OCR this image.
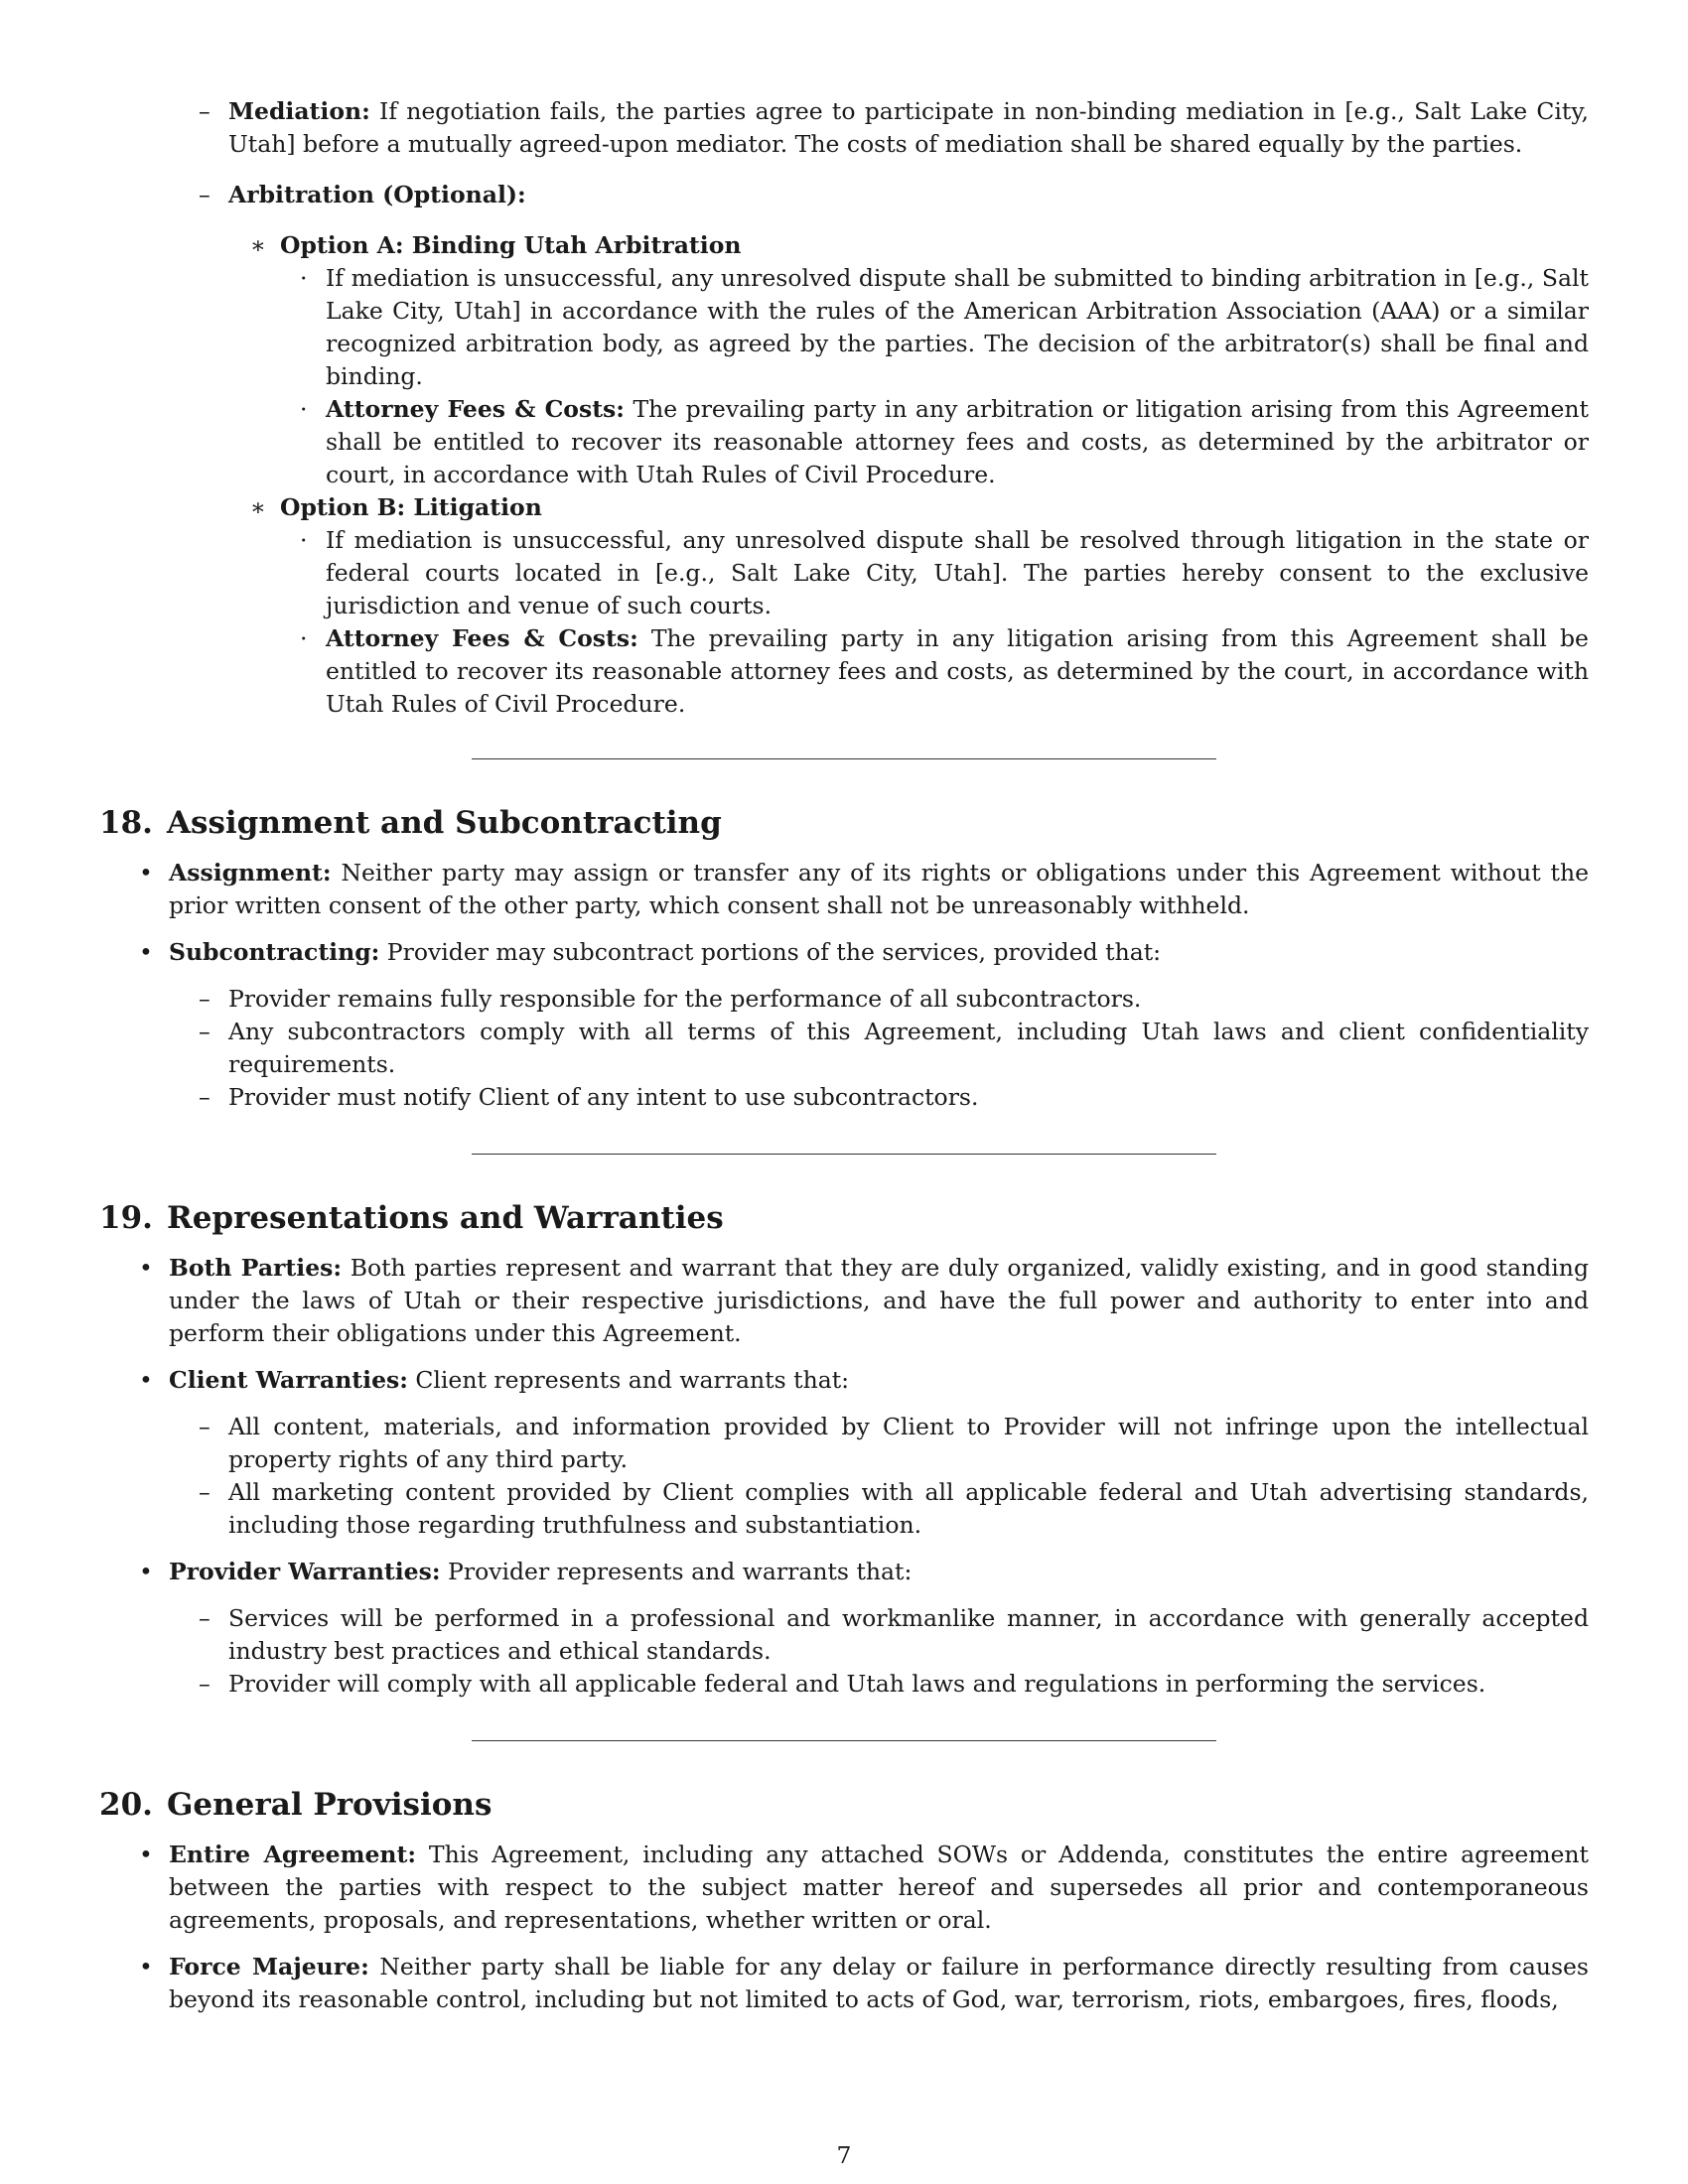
– Mediation: If negotiation fails, the parties agree to participate in non-binding mediation in [e.g., Salt Lake City, Utah] before a mutually agreed-upon mediator. The costs of mediation shall be shared equally by the parties.

– Arbitration (Optional):

∗ Option A: Binding Utah Arbitration

· If mediation is unsuccessful, any unresolved dispute shall be submitted to binding arbitration in [e.g., Salt Lake City, Utah] in accordance with the rules of the American Arbitration Association (AAA) or a similar recognized arbitration body, as agreed by the parties. The decision of the arbitrator(s) shall be final and binding.

· Attorney Fees & Costs: The prevailing party in any arbitration or litigation arising from this Agreement shall be entitled to recover its reasonable attorney fees and costs, as determined by the arbitrator or court, in accordance with Utah Rules of Civil Procedure.

∗ Option B: Litigation

· If mediation is unsuccessful, any unresolved dispute shall be resolved through litigation in the state or federal courts located in [e.g., Salt Lake City, Utah]. The parties hereby consent to the exclusive jurisdiction and venue of such courts.

· Attorney Fees & Costs: The prevailing party in any litigation arising from this Agreement shall be entitled to recover its reasonable attorney fees and costs, as determined by the court, in accordance with Utah Rules of Civil Procedure.

18. Assignment and Subcontracting
• Assignment: Neither party may assign or transfer any of its rights or obligations under this Agreement without the prior written consent of the other party, which consent shall not be unreasonably withheld.

• Subcontracting: Provider may subcontract portions of the services, provided that:

– Provider remains fully responsible for the performance of all subcontractors.

– Any subcontractors comply with all terms of this Agreement, including Utah laws and client confidentiality requirements.

– Provider must notify Client of any intent to use subcontractors.

19. Representations and Warranties
• Both Parties: Both parties represent and warrant that they are duly organized, validly existing, and in good standing under the laws of Utah or their respective jurisdictions, and have the full power and authority to enter into and perform their obligations under this Agreement.

• Client Warranties: Client represents and warrants that:

– All content, materials, and information provided by Client to Provider will not infringe upon the intellectual property rights of any third party.

– All marketing content provided by Client complies with all applicable federal and Utah advertising standards, including those regarding truthfulness and substantiation.

• Provider Warranties: Provider represents and warrants that:

– Services will be performed in a professional and workmanlike manner, in accordance with generally accepted industry best practices and ethical standards.

– Provider will comply with all applicable federal and Utah laws and regulations in performing the services.

20. General Provisions
• Entire Agreement: This Agreement, including any attached SOWs or Addenda, constitutes the entire agreement between the parties with respect to the subject matter hereof and supersedes all prior and contemporaneous agreements, proposals, and representations, whether written or oral.

• Force Majeure: Neither party shall be liable for any delay or failure in performance directly resulting from causes beyond its reasonable control, including but not limited to acts of God, war, terrorism, riots, embargoes, fires, floods,

7
